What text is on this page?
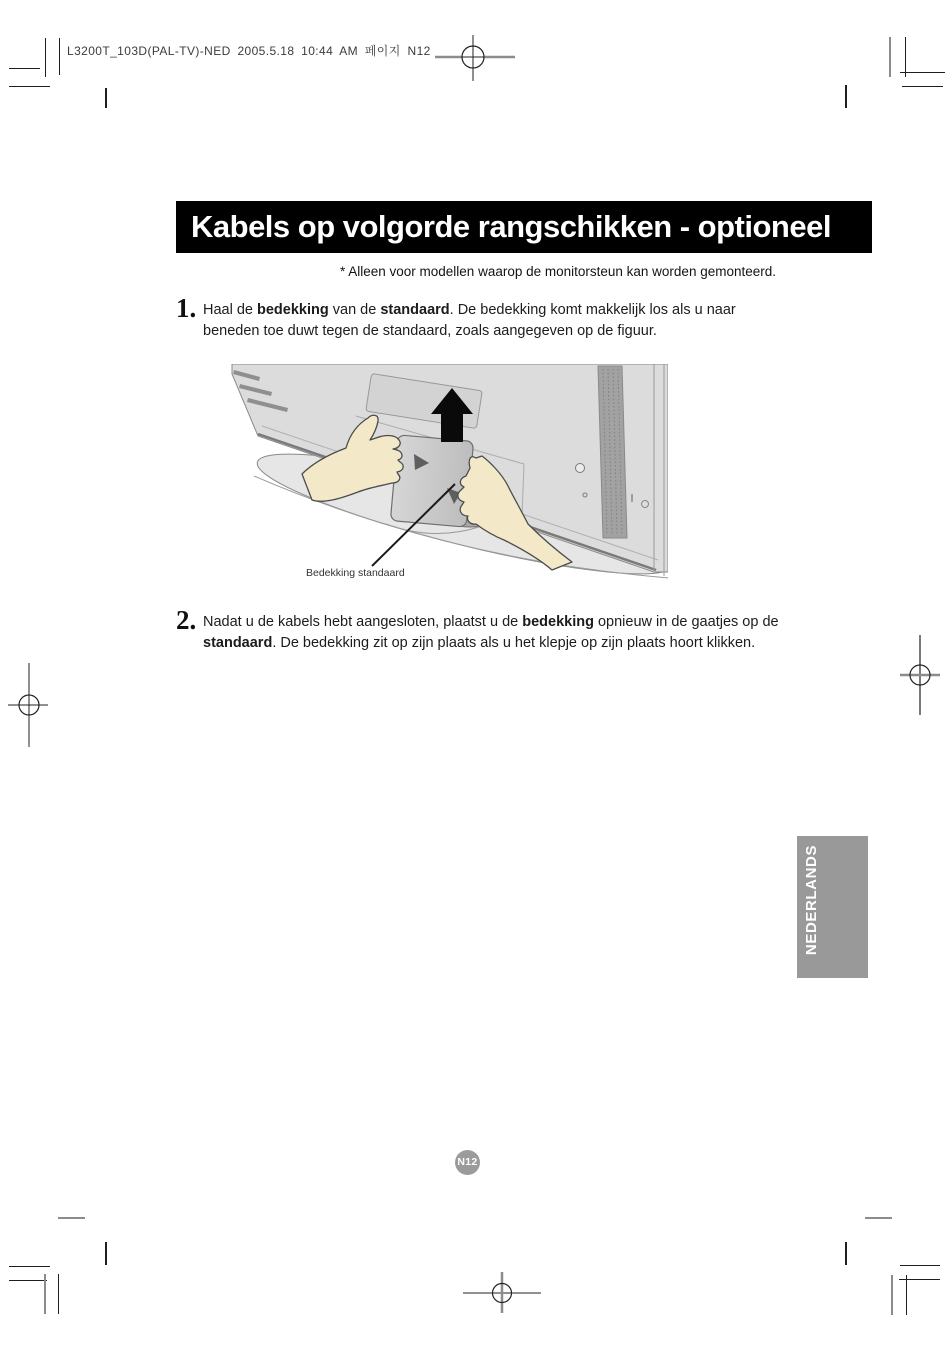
L3200T_103D(PAL-TV)-NED 2005.5.18 10:44 AM 페이지 N12
Kabels op volgorde rangschikken - optioneel
* Alleen voor modellen waarop de monitorsteun kan worden gemonteerd.
1. Haal de bedekking van de standaard. De bedekking komt makkelijk los als u naar
beneden toe duwt tegen de standaard, zoals aangegeven op de figuur.
Bedekking standaard
2. Nadat u de kabels hebt aangesloten, plaatst u de bedekking opnieuw in de gaatjes op de
standaard. De bedekking zit op zijn plaats als u het klepje op zijn plaats hoort klikken.
NEDERLANDS
N12
